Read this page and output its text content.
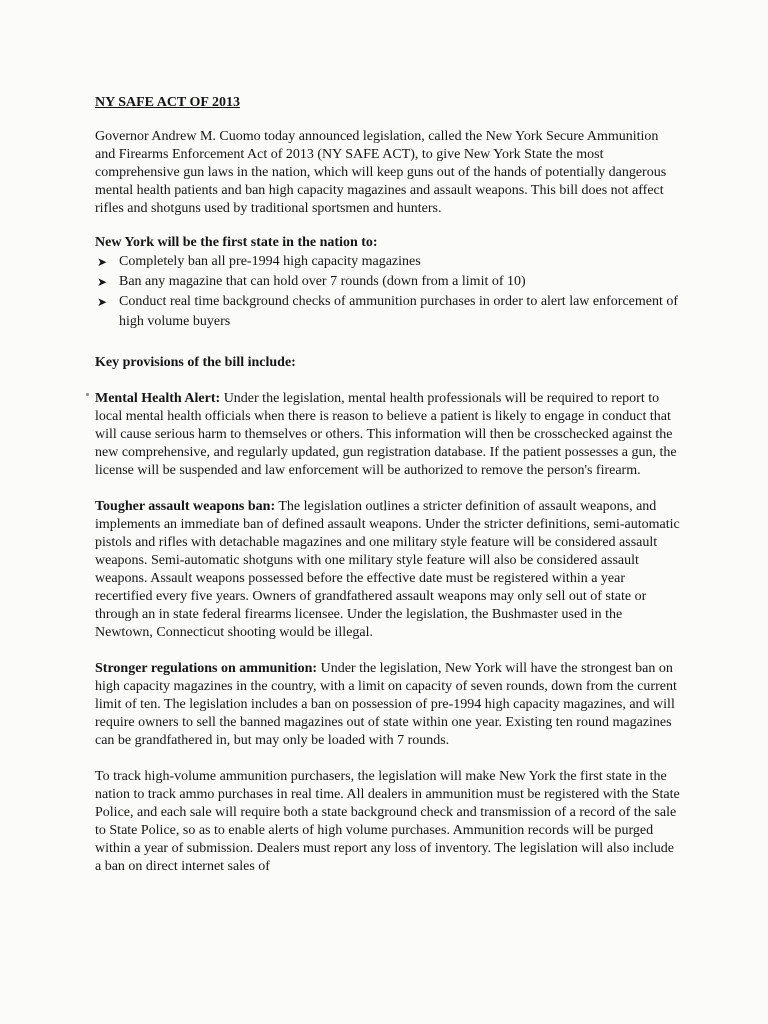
NY SAFE ACT OF 2013

Governor Andrew M. Cuomo today announced legislation, called the New York Secure Ammunition and Firearms Enforcement Act of 2013 (NY SAFE ACT), to give New York State the most comprehensive gun laws in the nation, which will keep guns out of the hands of potentially dangerous mental health patients and ban high capacity magazines and assault weapons. This bill does not affect rifles and shotguns used by traditional sportsmen and hunters.

New York will be the first state in the nation to:
➤ Completely ban all pre-1994 high capacity magazines
➤ Ban any magazine that can hold over 7 rounds (down from a limit of 10)
➤ Conduct real time background checks of ammunition purchases in order to alert law enforcement of high volume buyers
Key provisions of the bill include:

Mental Health Alert: Under the legislation, mental health professionals will be required to report to local mental health officials when there is reason to believe a patient is likely to engage in conduct that will cause serious harm to themselves or others. This information will then be crosschecked against the new comprehensive, and regularly updated, gun registration database. If the patient possesses a gun, the license will be suspended and law enforcement will be authorized to remove the person's firearm.

Tougher assault weapons ban: The legislation outlines a stricter definition of assault weapons, and implements an immediate ban of defined assault weapons. Under the stricter definitions, semi-automatic pistols and rifles with detachable magazines and one military style feature will be considered assault weapons. Semi-automatic shotguns with one military style feature will also be considered assault weapons. Assault weapons possessed before the effective date must be registered within a year recertified every five years. Owners of grandfathered assault weapons may only sell out of state or through an in state federal firearms licensee. Under the legislation, the Bushmaster used in the Newtown, Connecticut shooting would be illegal.

Stronger regulations on ammunition: Under the legislation, New York will have the strongest ban on high capacity magazines in the country, with a limit on capacity of seven rounds, down from the current limit of ten. The legislation includes a ban on possession of pre-1994 high capacity magazines, and will require owners to sell the banned magazines out of state within one year. Existing ten round magazines can be grandfathered in, but may only be loaded with 7 rounds.

To track high-volume ammunition purchasers, the legislation will make New York the first state in the nation to track ammo purchases in real time. All dealers in ammunition must be registered with the State Police, and each sale will require both a state background check and transmission of a record of the sale to State Police, so as to enable alerts of high volume purchases. Ammunition records will be purged within a year of submission. Dealers must report any loss of inventory. The legislation will also include a ban on direct internet sales of
